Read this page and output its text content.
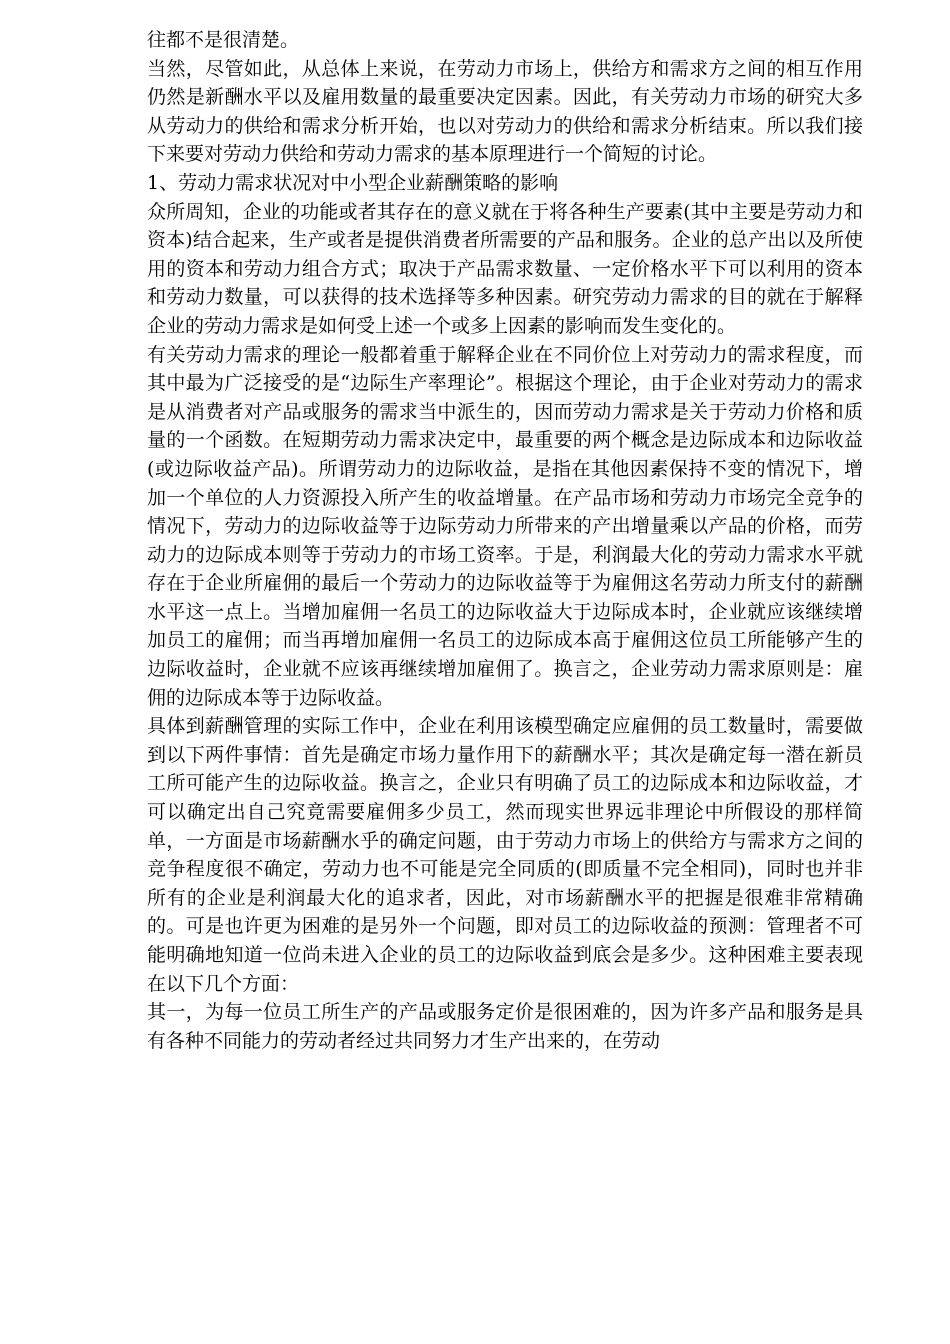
往都不是很清楚。

当然，尽管如此，从总体上来说，在劳动力市场上，供给方和需求方之间的相互作用仍然是新酬水平以及雇用数量的最重要决定因素。因此，有关劳动力市场的研究大多从劳动力的供给和需求分析开始，也以对劳动力的供给和需求分析结束。所以我们接下来要对劳动力供给和劳动力需求的基本原理进行一个简短的讨论。

1、劳动力需求状况对中小型企业薪酬策略的影响

众所周知，企业的功能或者其存在的意义就在于将各种生产要素(其中主要是劳动力和资本)结合起来，生产或者是提供消费者所需要的产品和服务。企业的总产出以及所使用的资本和劳动力组合方式；取决于产品需求数量、一定价格水平下可以利用的资本和劳动力数量，可以获得的技术选择等多种因素。研究劳动力需求的目的就在于解释企业的劳动力需求是如何受上述一个或多上因素的影响而发生变化的。

有关劳动力需求的理论一般都着重于解释企业在不同价位上对劳动力的需求程度，而其中最为广泛接受的是“边际生产率理论”。根据这个理论，由于企业对劳动力的需求是从消费者对产品或服务的需求当中派生的，因而劳动力需求是关于劳动力价格和质量的一个函数。在短期劳动力需求决定中，最重要的两个概念是边际成本和边际收益(或边际收益产品)。所谓劳动力的边际收益，是指在其他因素保持不变的情况下，增加一个单位的人力资源投入所产生的收益增量。在产品市场和劳动力市场完全竞争的情况下，劳动力的边际收益等于边际劳动力所带来的产出增量乘以产品的价格，而劳动力的边际成本则等于劳动力的市场工资率。于是，利润最大化的劳动力需求水平就存在于企业所雇佣的最后一个劳动力的边际收益等于为雇佣这名劳动力所支付的薪酬水平这一点上。当增加雇佣一名员工的边际收益大于边际成本时，企业就应该继续增加员工的雇佣；而当再增加雇佣一名员工的边际成本高于雇佣这位员工所能够产生的边际收益时，企业就不应该再继续增加雇佣了。换言之，企业劳动力需求原则是：雇佣的边际成本等于边际收益。

具体到薪酬管理的实际工作中，企业在利用该模型确定应雇佣的员工数量时，需要做到以下两件事情：首先是确定市场力量作用下的薪酬水平；其次是确定每一潜在新员工所可能产生的边际收益。换言之，企业只有明确了员工的边际成本和边际收益，才可以确定出自己究竟需要雇佣多少员工，然而现实世界远非理论中所假设的那样简单，一方面是市场薪酬水乎的确定问题，由于劳动力市场上的供给方与需求方之间的竞争程度很不确定，劳动力也不可能是完全同质的(即质量不完全相同)，同时也并非所有的企业是利润最大化的追求者，因此，对市场薪酬水平的把握是很难非常精确的。可是也许更为困难的是另外一个问题，即对员工的边际收益的预测：管理者不可能明确地知道一位尚未进入企业的员工的边际收益到底会是多少。这种困难主要表现在以下几个方面：

其一，为每一位员工所生产的产品或服务定价是很困难的，因为许多产品和服务是具有各种不同能力的劳动者经过共同努力才生产出来的，在劳动
